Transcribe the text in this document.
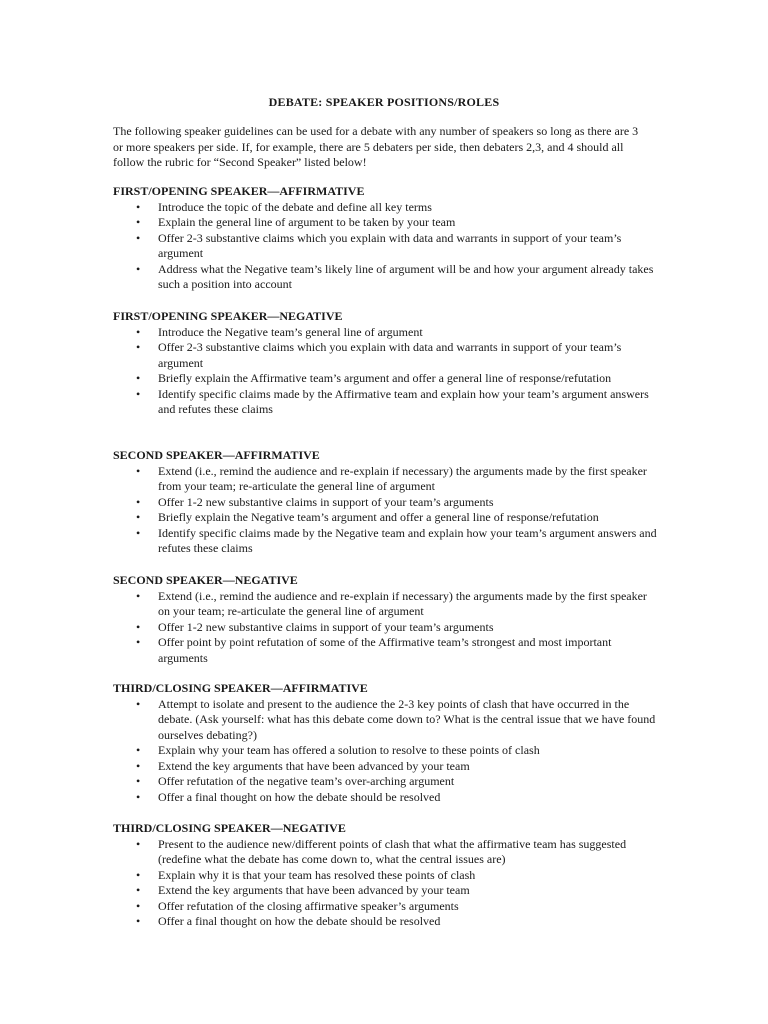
DEBATE: SPEAKER POSITIONS/ROLES
The following speaker guidelines can be used for a debate with any number of speakers so long as there are 3 or more speakers per side. If, for example, there are 5 debaters per side, then debaters 2,3, and 4 should all follow the rubric for “Second Speaker” listed below!
FIRST/OPENING SPEAKER—AFFIRMATIVE
• Introduce the topic of the debate and define all key terms
• Explain the general line of argument to be taken by your team
• Offer 2-3 substantive claims which you explain with data and warrants in support of your team’s argument
• Address what the Negative team’s likely line of argument will be and how your argument already takes such a position into account
FIRST/OPENING SPEAKER—NEGATIVE
• Introduce the Negative team’s general line of argument
• Offer 2-3 substantive claims which you explain with data and warrants in support of your team’s argument
• Briefly explain the Affirmative team’s argument and offer a general line of response/refutation
• Identify specific claims made by the Affirmative team and explain how your team’s argument answers and refutes these claims
SECOND SPEAKER—AFFIRMATIVE
• Extend (i.e., remind the audience and re-explain if necessary) the arguments made by the first speaker from your team; re-articulate the general line of argument
• Offer 1-2 new substantive claims in support of your team’s arguments
• Briefly explain the Negative team’s argument and offer a general line of response/refutation
• Identify specific claims made by the Negative team and explain how your team’s argument answers and refutes these claims
SECOND SPEAKER—NEGATIVE
• Extend (i.e., remind the audience and re-explain if necessary) the arguments made by the first speaker on your team; re-articulate the general line of argument
• Offer 1-2 new substantive claims in support of your team’s arguments
• Offer point by point refutation of some of the Affirmative team’s strongest and most important arguments
THIRD/CLOSING SPEAKER—AFFIRMATIVE
• Attempt to isolate and present to the audience the 2-3 key points of clash that have occurred in the debate. (Ask yourself: what has this debate come down to? What is the central issue that we have found ourselves debating?)
• Explain why your team has offered a solution to resolve to these points of clash
• Extend the key arguments that have been advanced by your team
• Offer refutation of the negative team’s over-arching argument
• Offer a final thought on how the debate should be resolved
THIRD/CLOSING SPEAKER—NEGATIVE
• Present to the audience new/different points of clash that what the affirmative team has suggested (redefine what the debate has come down to, what the central issues are)
• Explain why it is that your team has resolved these points of clash
• Extend the key arguments that have been advanced by your team
• Offer refutation of the closing affirmative speaker’s arguments
• Offer a final thought on how the debate should be resolved
